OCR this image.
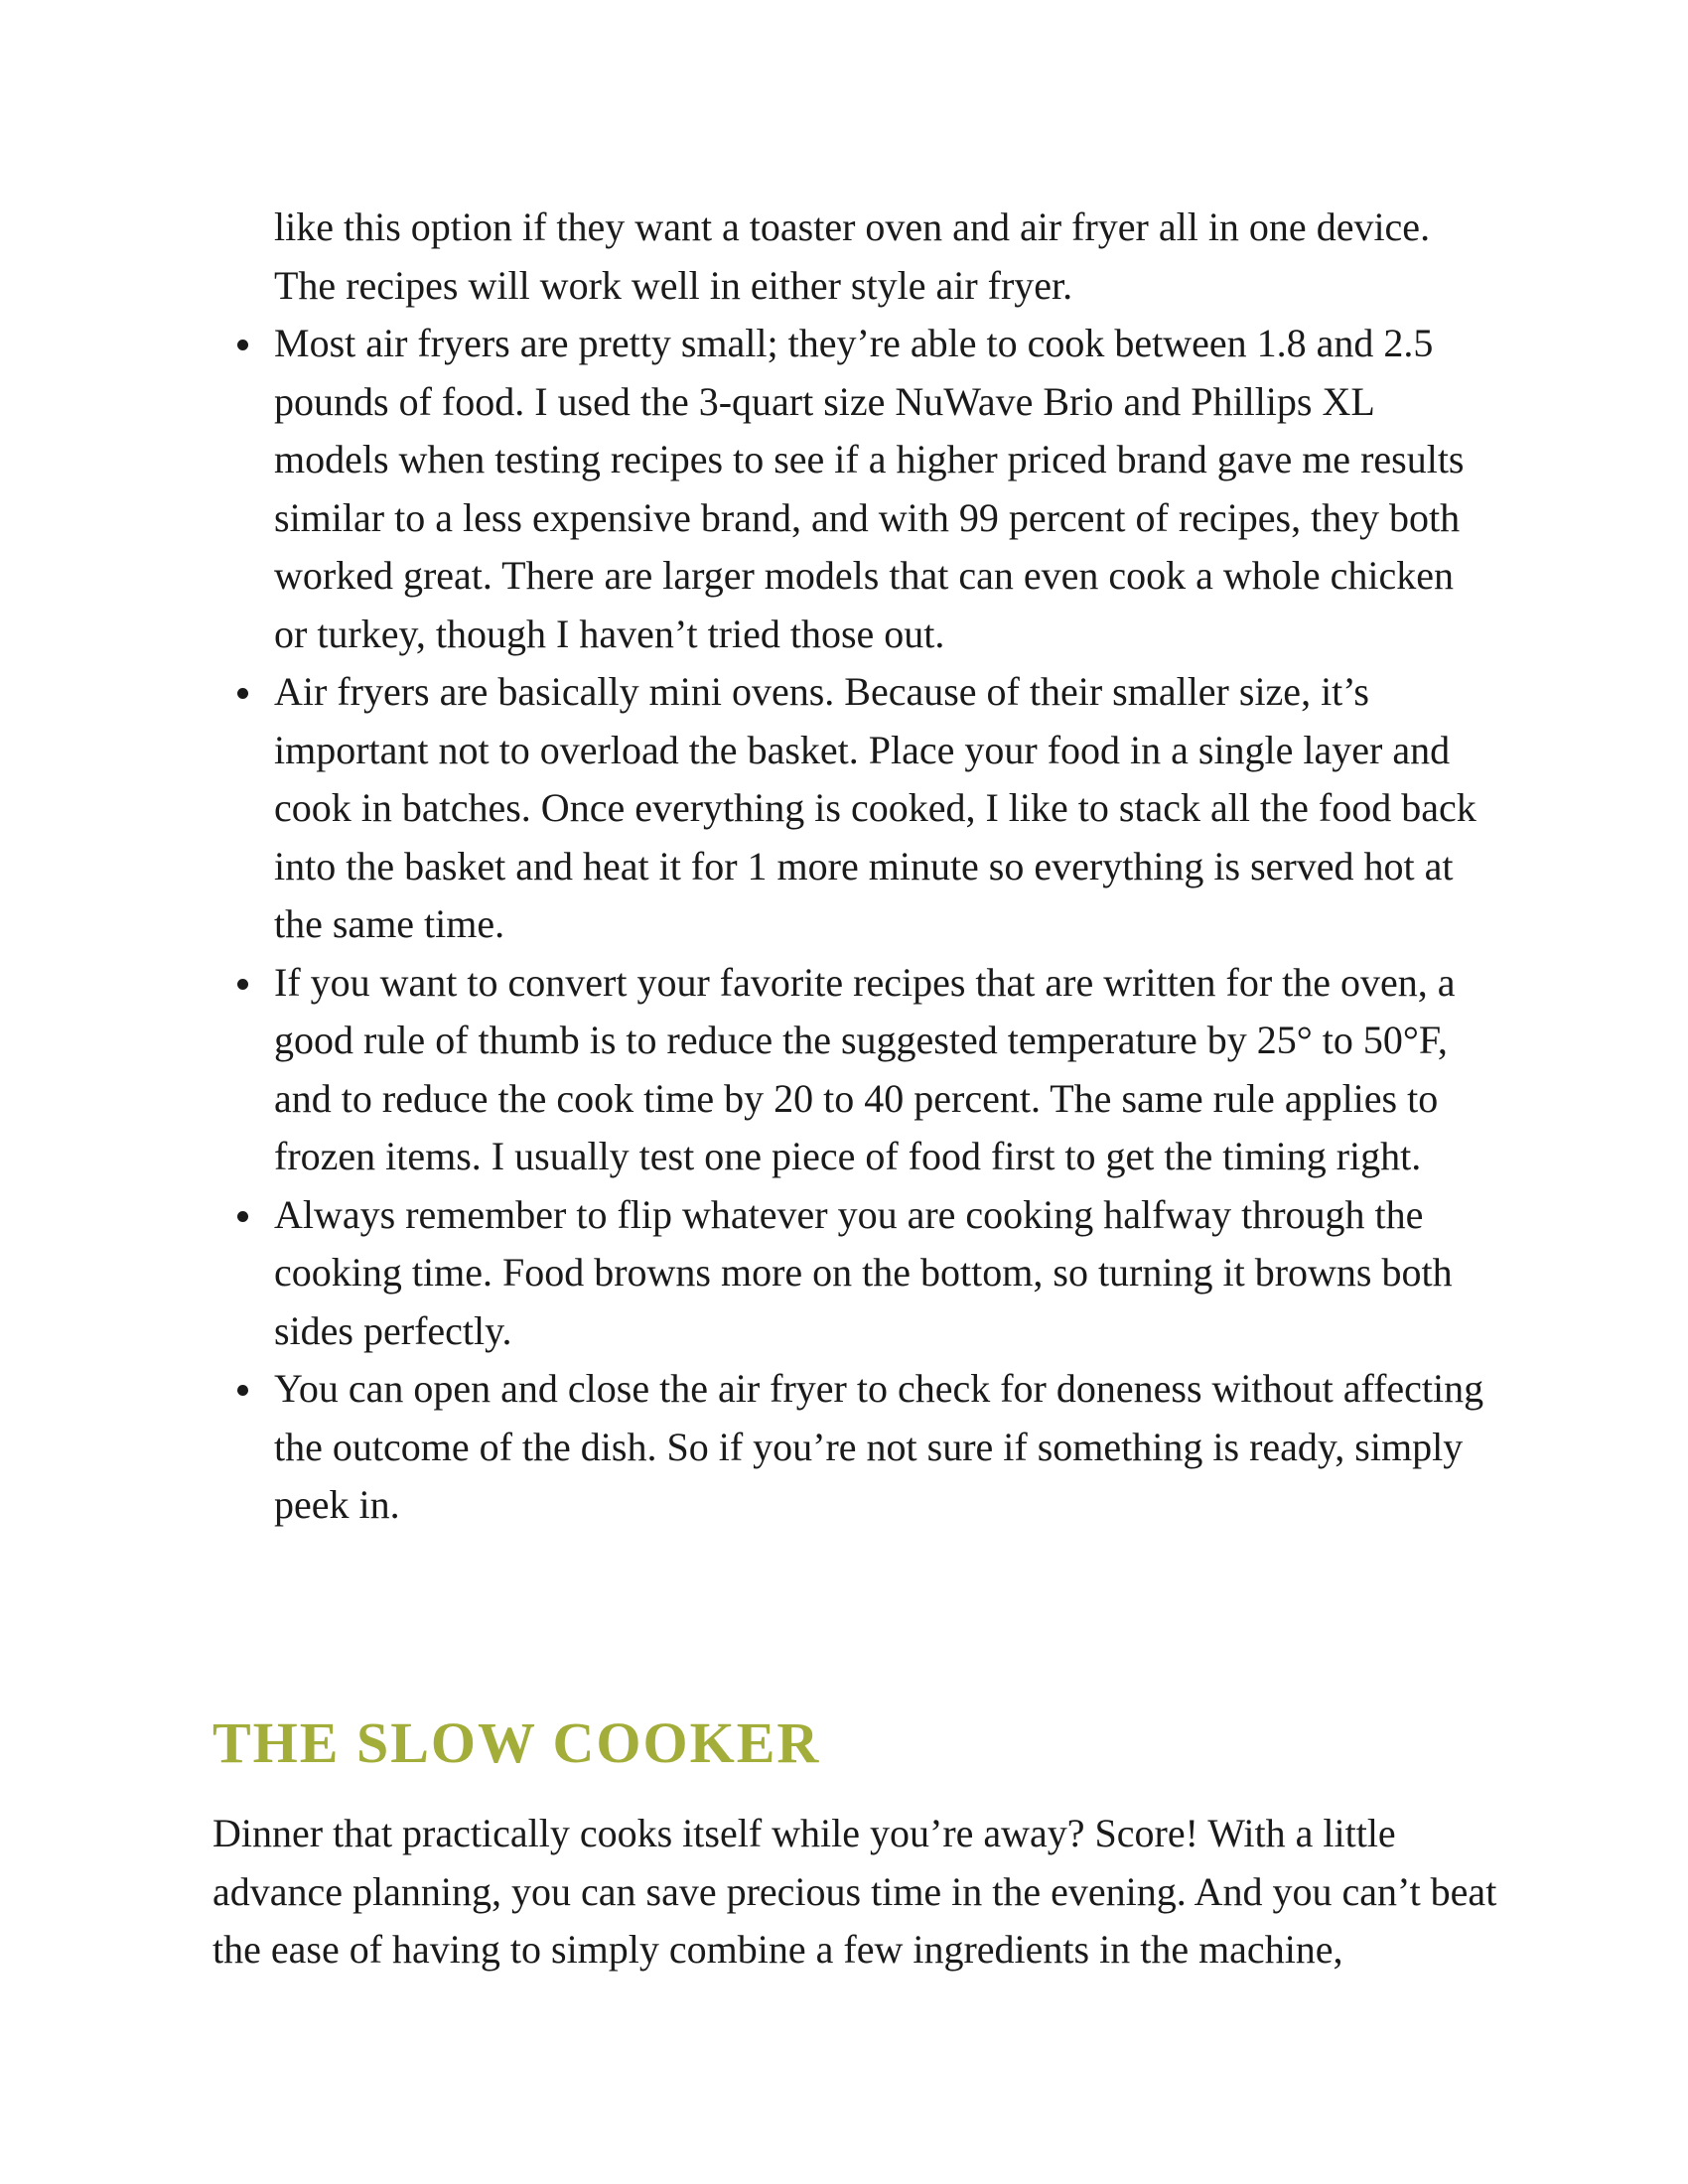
like this option if they want a toaster oven and air fryer all in one device. The recipes will work well in either style air fryer.

Most air fryers are pretty small; they’re able to cook between 1.8 and 2.5 pounds of food. I used the 3-quart size NuWave Brio and Phillips XL models when testing recipes to see if a higher priced brand gave me results similar to a less expensive brand, and with 99 percent of recipes, they both worked great. There are larger models that can even cook a whole chicken or turkey, though I haven’t tried those out.
Air fryers are basically mini ovens. Because of their smaller size, it’s important not to overload the basket. Place your food in a single layer and cook in batches. Once everything is cooked, I like to stack all the food back into the basket and heat it for 1 more minute so everything is served hot at the same time.
If you want to convert your favorite recipes that are written for the oven, a good rule of thumb is to reduce the suggested temperature by 25° to 50°F, and to reduce the cook time by 20 to 40 percent. The same rule applies to frozen items. I usually test one piece of food first to get the timing right.
Always remember to flip whatever you are cooking halfway through the cooking time. Food browns more on the bottom, so turning it browns both sides perfectly.
You can open and close the air fryer to check for doneness without affecting the outcome of the dish. So if you’re not sure if something is ready, simply peek in.
THE SLOW COOKER

Dinner that practically cooks itself while you’re away? Score! With a little advance planning, you can save precious time in the evening. And you can’t beat the ease of having to simply combine a few ingredients in the machine,
